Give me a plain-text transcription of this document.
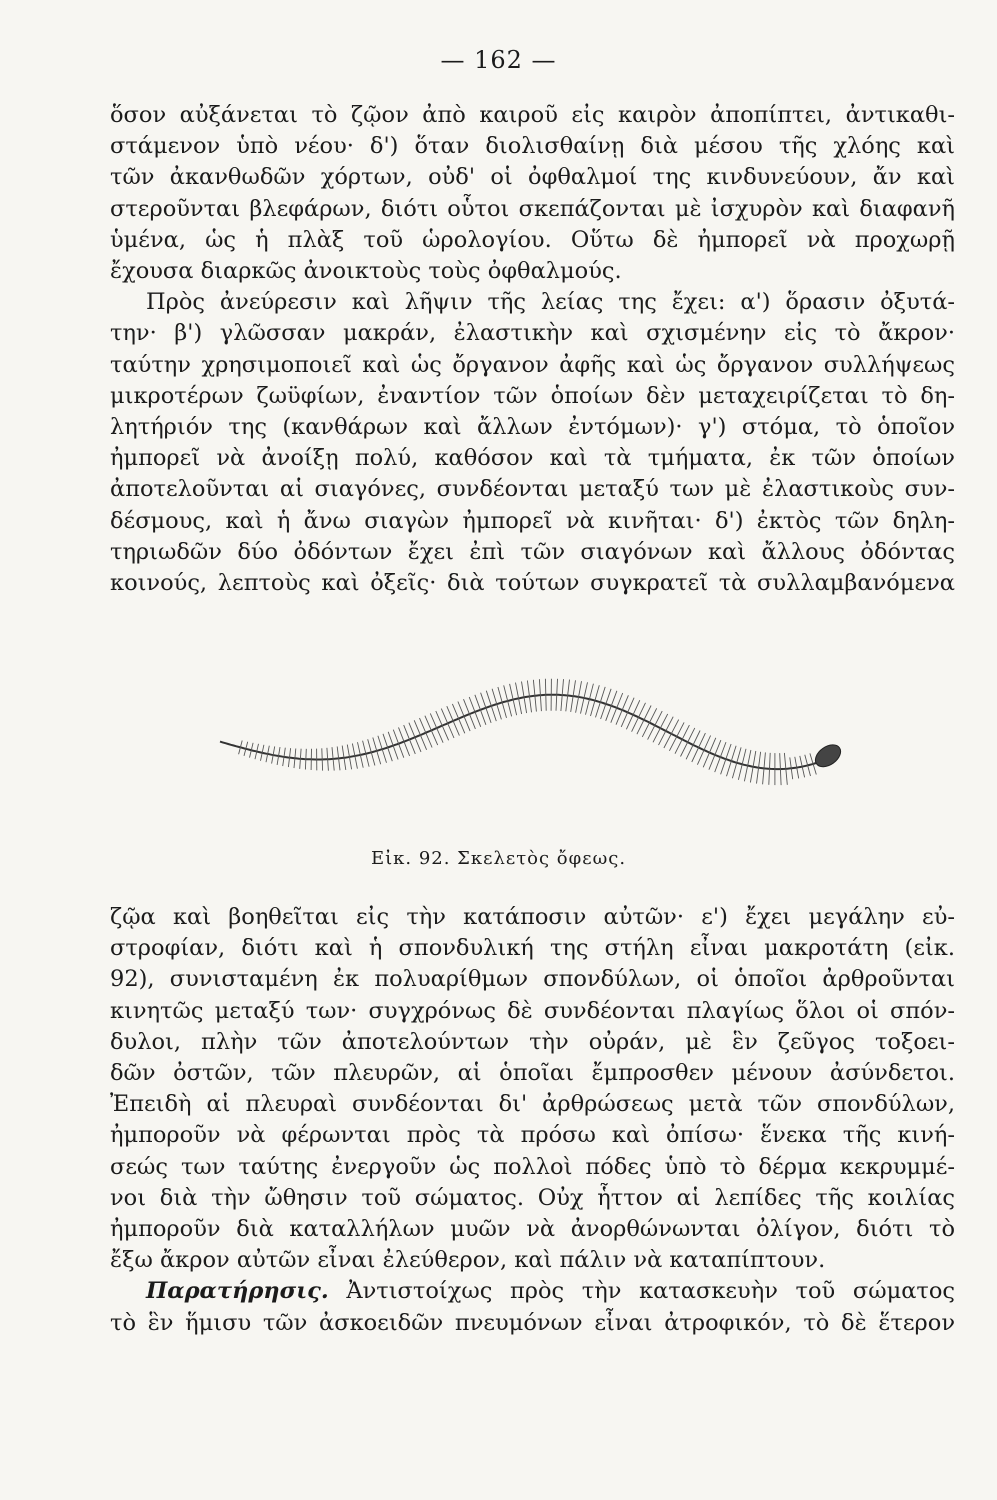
— 162 —
ὅσον αὐξάνεται τὸ ζῷον ἀπὸ καιροῦ εἰς καιρὸν ἀποπίπτει, ἀντικαθι-
στάμενον ὑπὸ νέου· δ') ὅταν διολισθαίνῃ διὰ μέσου τῆς χλόης καὶ
τῶν ἀκανθωδῶν χόρτων, οὐδ' οἱ ὀφθαλμοί της κινδυνεύουν, ἄν καὶ
στεροῦνται βλεφάρων, διότι οὗτοι σκεπάζονται μὲ ἰσχυρὸν καὶ διαφανῆ
ὑμένα, ὡς ἡ πλὰξ τοῦ ὡρολογίου. Οὕτω δὲ ἠμπορεῖ νὰ προχωρῇ
ἔχουσα διαρκῶς ἀνοικτοὺς τοὺς ὀφθαλμούς.
Πρὸς ἀνεύρεσιν καὶ λῆψιν τῆς λείας της ἔχει: α') ὅρασιν ὀξυτά-
την· β') γλῶσσαν μακράν, ἐλαστικὴν καὶ σχισμένην εἰς τὸ ἄκρον·
ταύτην χρησιμοποιεῖ καὶ ὡς ὄργανον ἀφῆς καὶ ὡς ὄργανον συλλήψεως
μικροτέρων ζωϋφίων, ἐναντίον τῶν ὁποίων δὲν μεταχειρίζεται τὸ δη-
λητήριόν της (κανθάρων καὶ ἄλλων ἐντόμων)· γ') στόμα, τὸ ὁποῖον
ἠμπορεῖ νὰ ἀνοίξῃ πολύ, καθόσον καὶ τὰ τμήματα, ἐκ τῶν ὁποίων
ἀποτελοῦνται αἱ σιαγόνες, συνδέονται μεταξύ των μὲ ἐλαστικοὺς συν-
δέσμους, καὶ ἡ ἄνω σιαγὼν ἠμπορεῖ νὰ κινῆται· δ') ἐκτὸς τῶν δηλη-
τηριωδῶν δύο ὀδόντων ἔχει ἐπὶ τῶν σιαγόνων καὶ ἄλλους ὀδόντας
κοινούς, λεπτοὺς καὶ ὀξεῖς· διὰ τούτων συγκρατεῖ τὰ συλλαμβανόμενα
Εἰκ. 92. Σκελετὸς ὄφεως.
ζῷα καὶ βοηθεῖται εἰς τὴν κατάποσιν αὐτῶν· ε') ἔχει μεγάλην εὐ-
στροφίαν, διότι καὶ ἡ σπονδυλική της στήλη εἶναι μακροτάτη (εἰκ.
92), συνισταμένη ἐκ πολυαρίθμων σπονδύλων, οἱ ὁποῖοι ἀρθροῦνται
κινητῶς μεταξύ των· συγχρόνως δὲ συνδέονται πλαγίως ὅλοι οἱ σπόν-
δυλοι, πλὴν τῶν ἀποτελούντων τὴν οὐράν, μὲ ἓν ζεῦγος τοξοει-
δῶν ὀστῶν, τῶν πλευρῶν, αἱ ὁποῖαι ἔμπροσθεν μένουν ἀσύνδετοι.
Ἐπειδὴ αἱ πλευραὶ συνδέονται δι' ἀρθρώσεως μετὰ τῶν σπονδύλων,
ἠμποροῦν νὰ φέρωνται πρὸς τὰ πρόσω καὶ ὀπίσω· ἕνεκα τῆς κινή-
σεώς των ταύτης ἐνεργοῦν ὡς πολλοὶ πόδες ὑπὸ τὸ δέρμα κεκρυμμέ-
νοι διὰ τὴν ὤθησιν τοῦ σώματος. Οὐχ ἧττον αἱ λεπίδες τῆς κοιλίας
ἠμποροῦν διὰ καταλλήλων μυῶν νὰ ἀνορθώνωνται ὀλίγον, διότι τὸ
ἔξω ἄκρον αὐτῶν εἶναι ἐλεύθερον, καὶ πάλιν νὰ καταπίπτουν.
Παρατήρησις. Ἀντιστοίχως πρὸς τὴν κατασκευὴν τοῦ σώματος
τὸ ἓν ἥμισυ τῶν ἀσκοειδῶν πνευμόνων εἶναι ἀτροφικόν, τὸ δὲ ἕτερον
